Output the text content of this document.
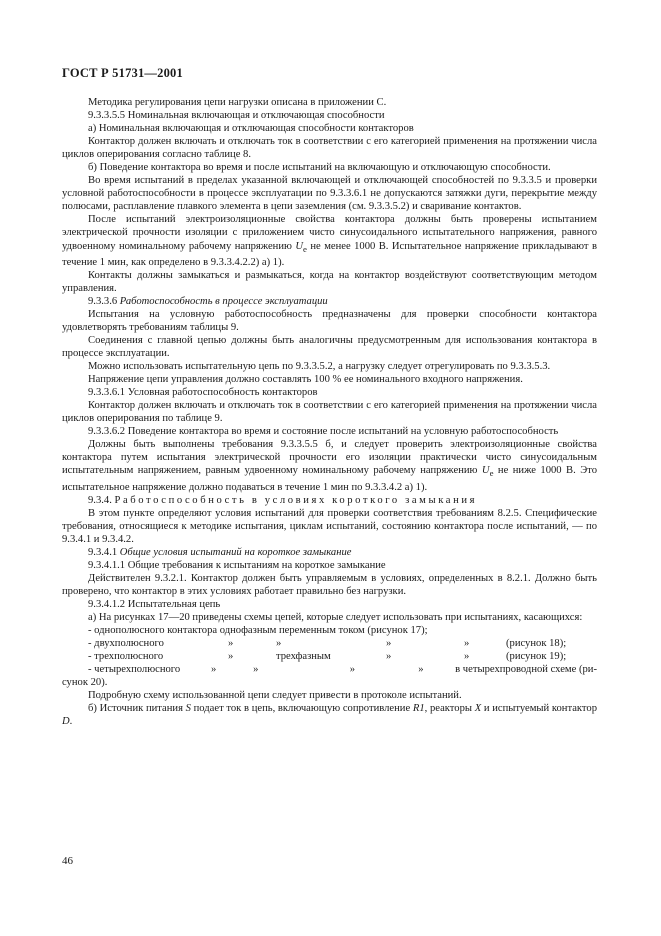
ГОСТ Р 51731—2001

Методика регулирования цепи нагрузки описана в приложении С.

9.3.3.5.5 Номинальная включающая и отключающая способности

а) Номинальная включающая и отключающая способности контакторов

Контактор должен включать и отключать ток в соответствии с его категорией применения на протяжении числа циклов оперирования согласно таблице 8.

б) Поведение контактора во время и после испытаний на включающую и отключающую способности.

Во время испытаний в пределах указанной включающей и отключающей способностей по 9.3.3.5 и проверки условной работоспособности в процессе эксплуатации по 9.3.3.6.1 не допускаются затяжки дуги, перекрытие между полюсами, расплавление плавкого элемента в цепи заземления (см. 9.3.3.5.2) и сваривание контактов.

После испытаний электроизоляционные свойства контактора должны быть проверены испытанием электрической прочности изоляции с приложением чисто синусоидального испытательного напряжения, равного удвоенному номинальному рабочему напряжению $U_e$ не менее 1000 В. Испытательное напряжение прикладывают в течение 1 мин, как определено в 9.3.3.4.2.2) а) 1).

Контакты должны замыкаться и размыкаться, когда на контактор воздействуют соответствующим методом управления.

9.3.3.6 Работоспособность в процессе эксплуатации

Испытания на условную работоспособность предназначены для проверки способности контактора удовлетворять требованиям таблицы 9.

Соединения с главной цепью должны быть аналогичны предусмотренным для использования контактора в процессе эксплуатации.

Можно использовать испытательную цепь по 9.3.3.5.2, а нагрузку следует отрегулировать по 9.3.3.5.3.

Напряжение цепи управления должно составлять 100 % ее номинального входного напряжения.

9.3.3.6.1 Условная работоспособность контакторов

Контактор должен включать и отключать ток в соответствии с его категорией применения на протяжении числа циклов оперирования по таблице 9.

9.3.3.6.2 Поведение контактора во время и состояние после испытаний на условную работоспособность

Должны быть выполнены требования 9.3.3.5.5 б, и следует проверить электроизоляционные свойства контактора путем испытания электрической прочности его изоляции практически чисто синусоидальным испытательным напряжением, равным удвоенному номинальному рабочему напряжению $U_e$ не ниже 1000 В. Это испытательное напряжение должно подаваться в течение 1 мин по 9.3.3.4.2 а) 1).

9.3.4. Работоспособность в условиях короткого замыкания

В этом пункте определяют условия испытаний для проверки соответствия требованиям 8.2.5. Специфические требования, относящиеся к методике испытания, циклам испытаний, состоянию контактора после испытаний, — по 9.3.4.1 и 9.3.4.2.

9.3.4.1 Общие условия испытаний на короткое замыкание

9.3.4.1.1 Общие требования к испытаниям на короткое замыкание

Действителен 9.3.2.1. Контактор должен быть управляемым в условиях, определенных в 8.2.1. Должно быть проверено, что контактор в этих условиях работает правильно без нагрузки.

9.3.4.1.2 Испытательная цепь

а) На рисунках 17—20 приведены схемы цепей, которые следует использовать при испытаниях, касающихся:

- однополюсного контактора однофазным переменным током (рисунок 17);

- двухполюсного	»	»	»	»	(рисунок 18);

- трехполюсного	»	трехфазным	»	»	(рисунок 19);

- четырехполюсного	»	»	»	»	в четырехпроводной схеме (ри-

сунок 20).

Подробную схему использованной цепи следует привести в протоколе испытаний.

б) Источник питания S подает ток в цепь, включающую сопротивление R1, реакторы X и испытуемый контактор D.

46
